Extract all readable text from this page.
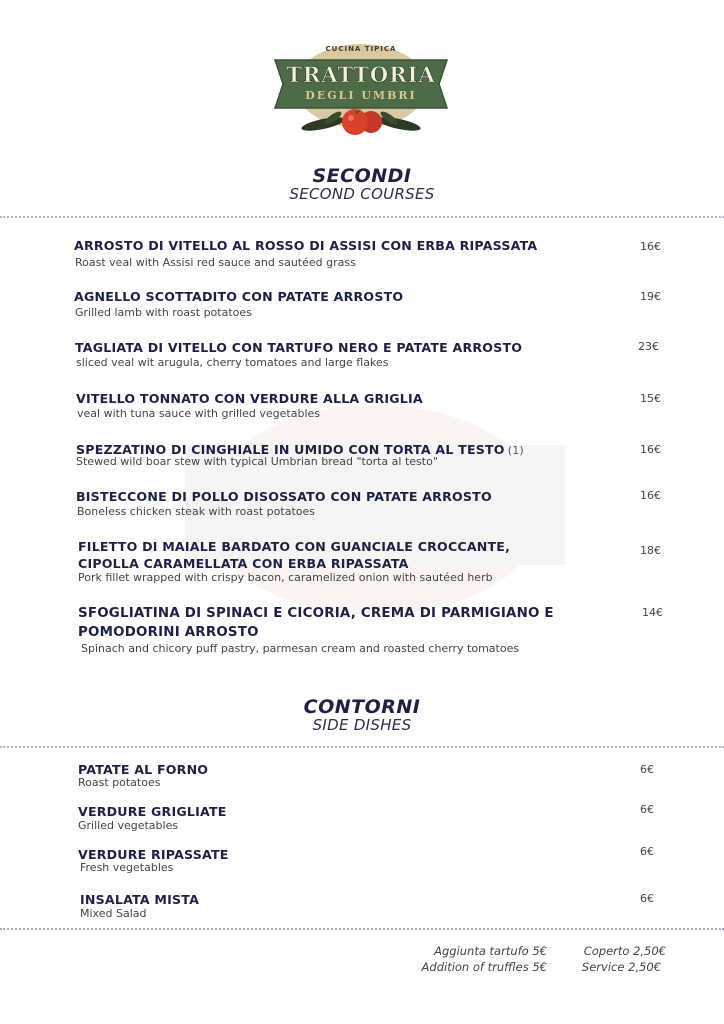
CUCINA TIPICA
TRATTORIA
DEGLI UMBRI
SECONDI
SECOND COURSES
ARROSTO DI VITELLO AL ROSSO DI ASSISI CON ERBA RIPASSATA
Roast veal with Assisi red sauce and sautéed grass
16€
AGNELLO SCOTTADITO CON PATATE ARROSTO
Grilled lamb with roast potatoes
19€
TAGLIATA DI VITELLO CON TARTUFO NERO E PATATE ARROSTO
sliced veal wit arugula, cherry tomatoes and large flakes
23€
VITELLO TONNATO CON VERDURE ALLA GRIGLIA
veal with tuna sauce with grilled vegetables
15€
SPEZZATINO DI CINGHIALE IN UMIDO CON TORTA AL TESTO (1)
Stewed wild boar stew with typical Umbrian bread "torta al testo"
16€
BISTECCONE DI POLLO DISOSSATO CON PATATE ARROSTO
Boneless chicken steak with roast potatoes
16€
FILETTO DI MAIALE BARDATO CON GUANCIALE CROCCANTE,
CIPOLLA CARAMELLATA CON ERBA RIPASSATA
Pork fillet wrapped with crispy bacon, caramelized onion with sautéed herb
18€
SFOGLIATINA DI SPINACI E CICORIA, CREMA DI PARMIGIANO E
POMODORINI ARROSTO
Spinach and chicory puff pastry, parmesan cream and roasted cherry tomatoes
14€
CONTORNI
SIDE DISHES
PATATE AL FORNO
Roast potatoes
6€
VERDURE GRIGLIATE
Grilled vegetables
6€
VERDURE RIPASSATE
Fresh vegetables
6€
INSALATA MISTA
Mixed Salad
6€
Aggiunta tartufo 5€
Addition of truffles 5€
Coperto 2,50€
Service 2,50€
